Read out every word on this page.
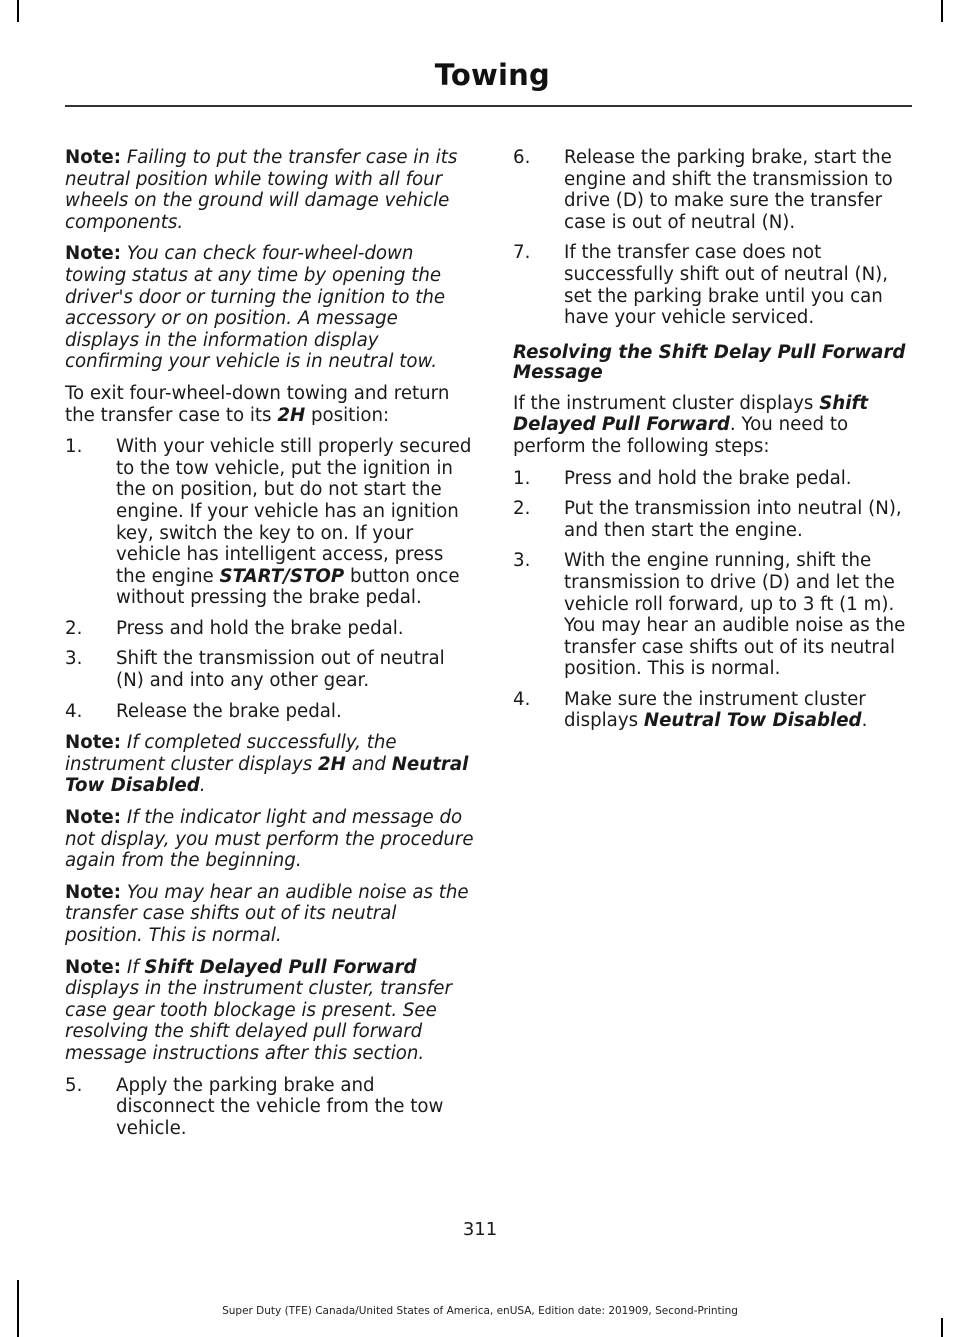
Towing

Note: Failing to put the transfer case in its neutral position while towing with all four wheels on the ground will damage vehicle components.

Note: You can check four-wheel-down towing status at any time by opening the driver's door or turning the ignition to the accessory or on position. A message displays in the information display confirming your vehicle is in neutral tow.

To exit four-wheel-down towing and return the transfer case to its 2H position:

1. With your vehicle still properly secured to the tow vehicle, put the ignition in the on position, but do not start the engine. If your vehicle has an ignition key, switch the key to on. If your vehicle has intelligent access, press the engine START/STOP button once without pressing the brake pedal.
2. Press and hold the brake pedal.
3. Shift the transmission out of neutral (N) and into any other gear.
4. Release the brake pedal.

Note: If completed successfully, the instrument cluster displays 2H and Neutral Tow Disabled.

Note: If the indicator light and message do not display, you must perform the procedure again from the beginning.

Note: You may hear an audible noise as the transfer case shifts out of its neutral position. This is normal.

Note: If Shift Delayed Pull Forward displays in the instrument cluster, transfer case gear tooth blockage is present. See resolving the shift delayed pull forward message instructions after this section.

5. Apply the parking brake and disconnect the vehicle from the tow vehicle.
6. Release the parking brake, start the engine and shift the transmission to drive (D) to make sure the transfer case is out of neutral (N).
7. If the transfer case does not successfully shift out of neutral (N), set the parking brake until you can have your vehicle serviced.
Resolving the Shift Delay Pull Forward Message

If the instrument cluster displays Shift Delayed Pull Forward. You need to perform the following steps:

1. Press and hold the brake pedal.
2. Put the transmission into neutral (N), and then start the engine.
3. With the engine running, shift the transmission to drive (D) and let the vehicle roll forward, up to 3 ft (1 m). You may hear an audible noise as the transfer case shifts out of its neutral position. This is normal.
4. Make sure the instrument cluster displays Neutral Tow Disabled.
311
Super Duty (TFE) Canada/United States of America, enUSA, Edition date: 201909, Second-Printing
